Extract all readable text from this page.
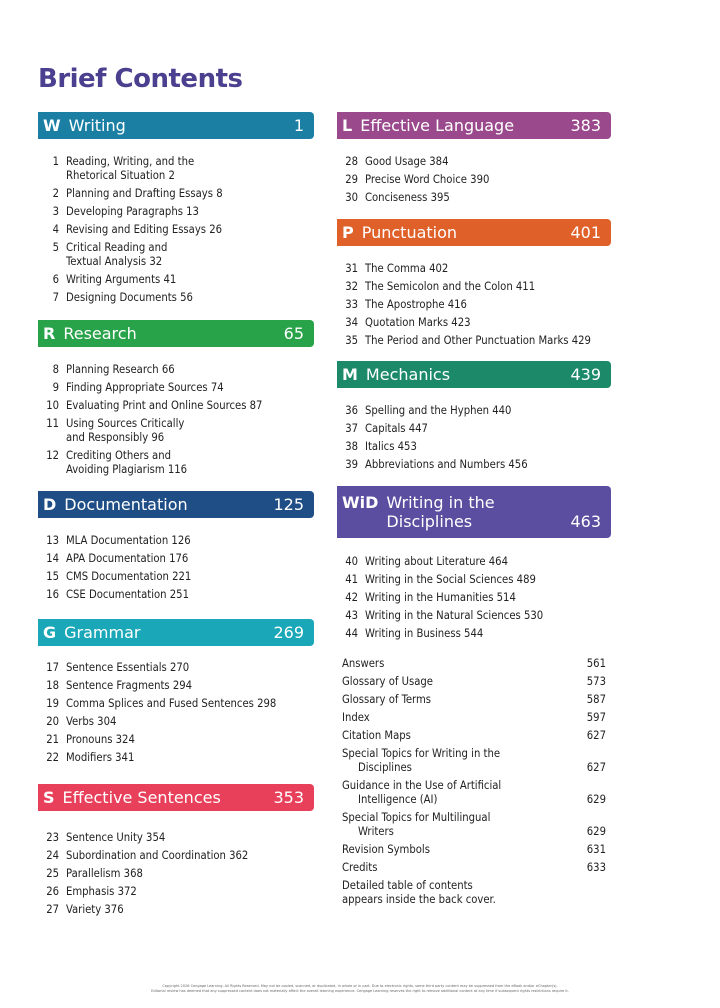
Brief Contents
W Writing	1
1 Reading, Writing, and the
Rhetorical Situation 2
2 Planning and Drafting Essays 8
3 Developing Paragraphs 13
4 Revising and Editing Essays 26
5 Critical Reading and
Textual Analysis 32
6 Writing Arguments 41
7 Designing Documents 56
R Research	65
8 Planning Research 66
9 Finding Appropriate Sources 74
10 Evaluating Print and Online Sources 87
11 Using Sources Critically
and Responsibly 96
12 Crediting Others and
Avoiding Plagiarism 116
D Documentation	125
13 MLA Documentation 126
14 APA Documentation 176
15 CMS Documentation 221
16 CSE Documentation 251
G Grammar	269
17 Sentence Essentials 270
18 Sentence Fragments 294
19 Comma Splices and Fused Sentences 298
20 Verbs 304
21 Pronouns 324
22 Modifiers 341
S Effective Sentences	353
23 Sentence Unity 354
24 Subordination and Coordination 362
25 Parallelism 368
26 Emphasis 372
27 Variety 376
L Effective Language	383
28 Good Usage 384
29 Precise Word Choice 390
30 Conciseness 395
P Punctuation	401
31 The Comma 402
32 The Semicolon and the Colon 411
33 The Apostrophe 416
34 Quotation Marks 423
35 The Period and Other Punctuation Marks 429
M Mechanics	439
36 Spelling and the Hyphen 440
37 Capitals 447
38 Italics 453
39 Abbreviations and Numbers 456
WiD Writing in the
Disciplines	463
40 Writing about Literature 464
41 Writing in the Social Sciences 489
42 Writing in the Humanities 514
43 Writing in the Natural Sciences 530
44 Writing in Business 544
Answers	561
Glossary of Usage	573
Glossary of Terms	587
Index	597
Citation Maps	627
Special Topics for Writing in the
Disciplines	627
Guidance in the Use of Artificial
Intelligence (AI)	629
Special Topics for Multilingual
Writers	629
Revision Symbols	631
Credits	633
Detailed table of contents
appears inside the back cover.
Copyright 2026 Cengage Learning. All Rights Reserved. May not be copied, scanned, or duplicated, in whole or in part. Due to electronic rights, some third party content may be suppressed from the eBook and/or eChapter(s).
Editorial review has deemed that any suppressed content does not materially affect the overall learning experience. Cengage Learning reserves the right to remove additional content at any time if subsequent rights restrictions require it.
